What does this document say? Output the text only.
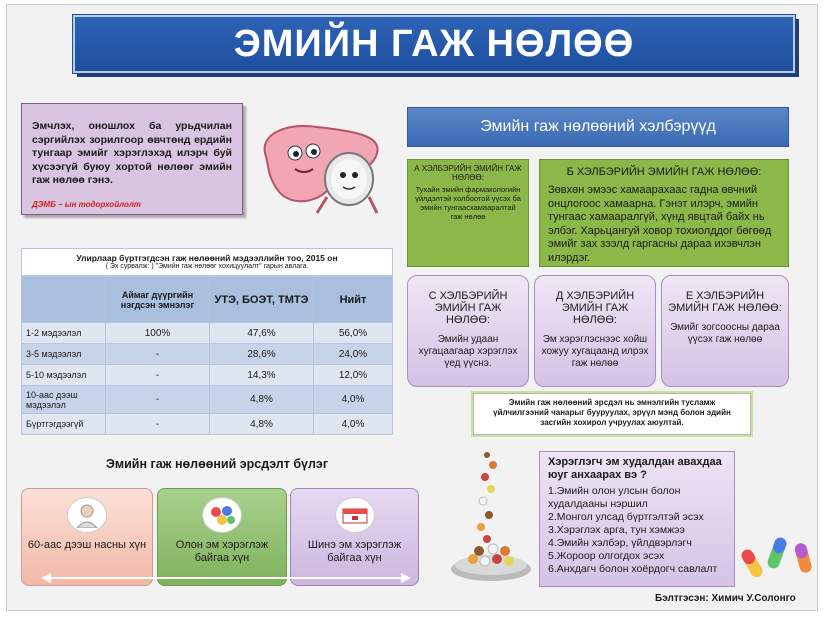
ЭМИЙН ГАЖ НӨЛӨӨ
Эмчлэх, оношлох ба урьдчилан сэргийлэх зорилгоор өвчтөнд ердийн тунгаар эмийг хэрэглэхэд илэрч буй хүсээгүй буюу хортой нөлөөг эмийн гаж нөлөө гэнэ.
ДЭМБ – ын тодорхойлолт
Улирлаар бүртгэгдсэн гаж нөлөөний мэдээллийн тоо, 2015 он
( Эх сурвалж: ) "Эмийн гаж нөлөөг хохицуулалт" гарын авлага.
	Аймаг дүүргийн нэгдсэн эмнэлэг	УТЭ, БОЭТ, ТМТЭ	Нийт
1-2 мэдээлэл	100%	47,6%	56,0%
3-5 мэдээлэл	-	28,6%	24,0%
5-10 мэдээлэл	-	14,3%	12,0%
10-аас дээш мэдээлэл	-	4,8%	4,0%
Бүртгэгдээгүй	-	4,8%	4,0%
Эмийн гаж нөлөөний эрсдэлт бүлэг
60-аас дээш насны хүн	Олон эм хэрэглэж байгаа хүн
Шинэ эм хэрэглэж байгаа хүн
Эмийн гаж нөлөөний хэлбэрүүд
А ХЭЛБЭРИЙН ЭМИЙН ГАЖ НӨЛӨӨ:
Тухайн эмийн фармакологийн үйлдэлтэй холбоотой үүсэх ба эмийн тунгаасхамааралтай гаж нөлөө
Б ХЭЛБЭРИЙН ЭМИЙН ГАЖ НӨЛӨӨ:
Зөвхөн эмээс хамаарахаас гадна өвчний онцлогоос хамаарна. Гэнэт илэрч, эмийн тунгаас хамааралгүй, хүнд явцтай байх нь элбэг. Харьцангуй ховор тохиолддог бөгөөд эмийг зах зээлд гаргасны дараа ихэвчлэн илэрдэг.
С ХЭЛБЭРИЙН ЭМИЙН ГАЖ НӨЛӨӨ:
Эмийн удаан хугацаагаар хэрэглэх үед үүснэ.
Д ХЭЛБЭРИЙН ЭМИЙН ГАЖ НӨЛӨӨ:
Эм хэрэглэснээс хойш хожуу хугацаанд илрэх гаж нөлөө
Е ХЭЛБЭРИЙН ЭМИЙН ГАЖ НӨЛӨӨ:
Эмийг зогсоосны дараа үүсэх гаж нөлөө
Эмийн гаж нөлөөний эрсдэл нь эмнэлгийн тусламж үйлчилгээний чанарыг бууруулах, эрүүл мэнд болон эдийн засгийн хохирол учруулах аюултай.
Хэрэглэгч эм худалдан авахдаа юуг анхаарах вэ ?
1.Эмийн олон улсын болон худалдааны нэршил
2.Монгол улсад бүртгэлтэй эсэх
3.Хэрэглэх арга, тун хэмжээ
4.Эмийн хэлбэр, үйлдвэрлэгч
5.Жороор олгогдох эсэх
6.Анхдагч болон хоёрдогч савлалт
Бэлтгэсэн: Химич У.Солонго
